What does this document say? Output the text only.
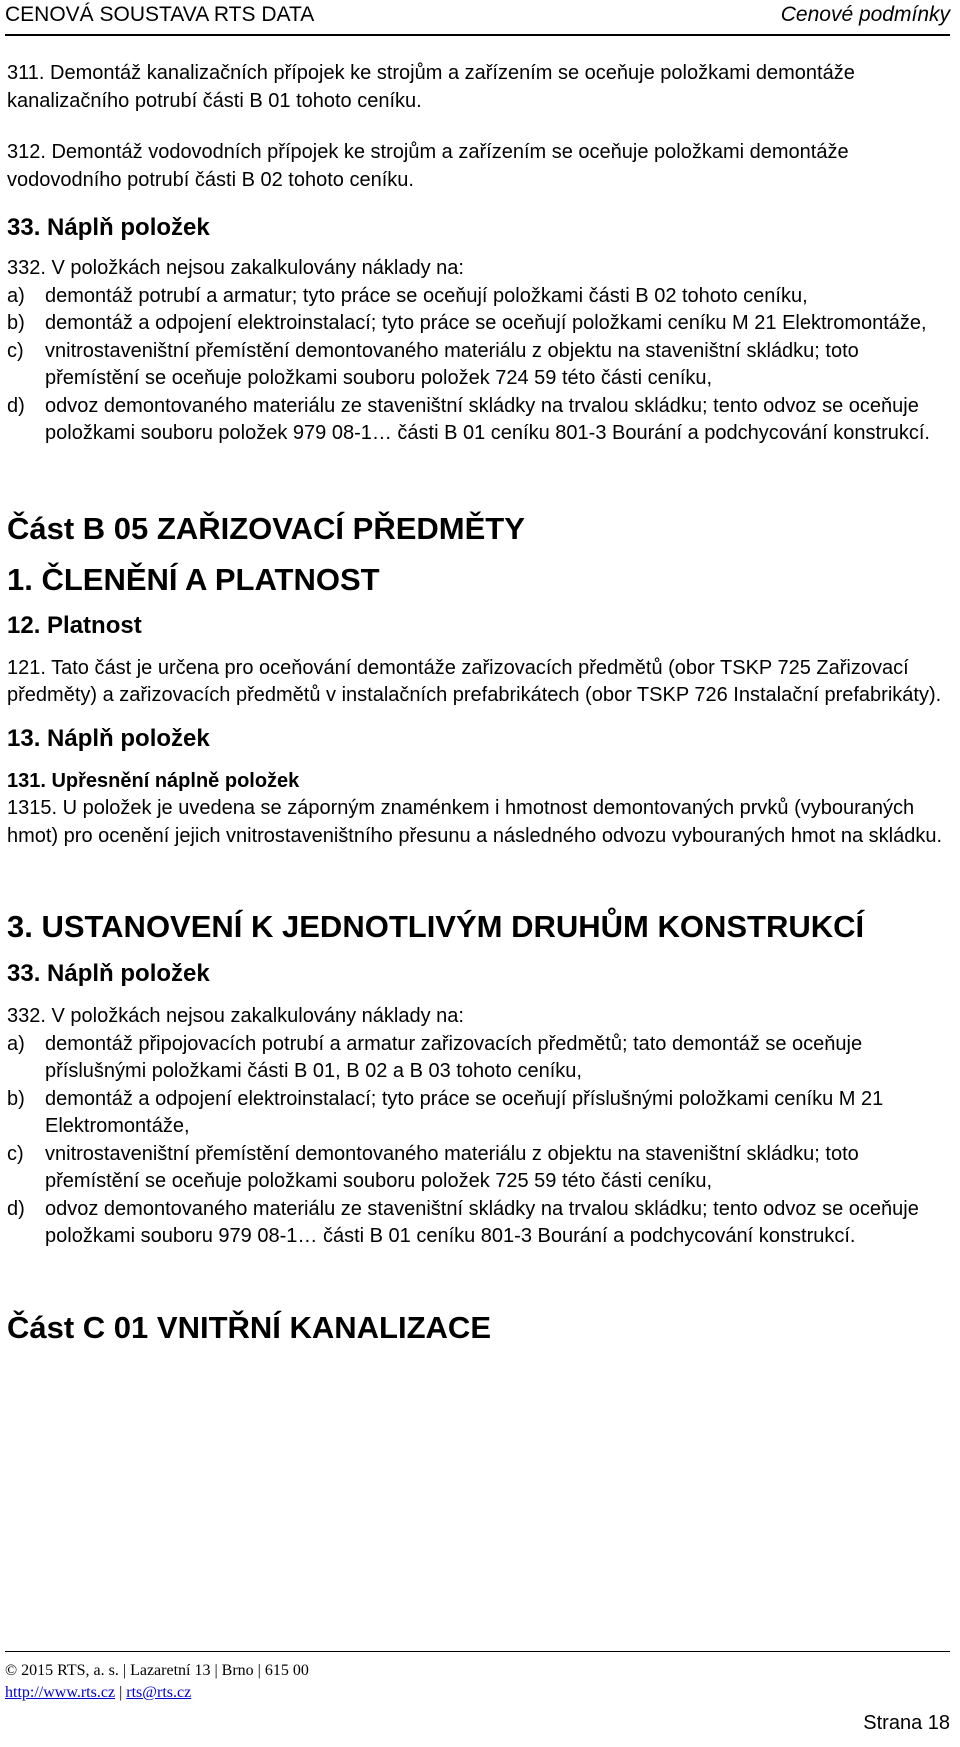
CENOVÁ SOUSTAVA RTS DATA	Cenové podmínky

311. Demontáž kanalizačních přípojek ke strojům a zařízením se oceňuje položkami demontáže kanalizačního potrubí části B 01 tohoto ceníku.

312. Demontáž vodovodních přípojek ke strojům a zařízením se oceňuje položkami demontáže vodovodního potrubí části B 02 tohoto ceníku.

33. Náplň položek

332. V položkách nejsou zakalkulovány náklady na:

a)	demontáž potrubí a armatur; tyto práce se oceňují položkami části B 02 tohoto ceníku,
b)	demontáž a odpojení elektroinstalací; tyto práce se oceňují položkami ceníku M 21 Elektromontáže,
c)	vnitrostaveništní přemístění demontovaného materiálu z objektu na staveništní skládku; toto přemístění se oceňuje položkami souboru položek 724 59 této části ceníku,
d)	odvoz demontovaného materiálu ze staveništní skládky na trvalou skládku; tento odvoz se oceňuje položkami souboru položek 979 08-1… části B 01 ceníku 801-3 Bourání a podchycování konstrukcí.

Část B 05 ZAŘIZOVACÍ PŘEDMĚTY

1. ČLENĚNÍ A PLATNOST

12. Platnost

121. Tato část je určena pro oceňování demontáže zařizovacích předmětů (obor TSKP 725 Zařizovací předměty) a zařizovacích předmětů v instalačních prefabrikátech (obor TSKP 726 Instalační prefabrikáty).

13. Náplň položek

131. Upřesnění náplně položek

1315. U položek je uvedena se záporným znaménkem i hmotnost demontovaných prvků (vybouraných hmot) pro ocenění jejich vnitrostaveništního přesunu a následného odvozu vybouraných hmot na skládku.

3. USTANOVENÍ K JEDNOTLIVÝM DRUHŮM KONSTRUKCÍ

33. Náplň položek

332. V položkách nejsou zakalkulovány náklady na:

a)	demontáž připojovacích potrubí a armatur zařizovacích předmětů; tato demontáž se oceňuje příslušnými položkami části B 01, B 02 a B 03 tohoto ceníku,
b)	demontáž a odpojení elektroinstalací; tyto práce se oceňují příslušnými položkami ceníku M 21 Elektromontáže,
c)	vnitrostaveništní přemístění demontovaného materiálu z objektu na staveništní skládku; toto přemístění se oceňuje položkami souboru položek 725 59 této části ceníku,
d)	odvoz demontovaného materiálu ze staveništní skládky na trvalou skládku; tento odvoz se oceňuje položkami souboru 979 08-1… části B 01 ceníku 801-3 Bourání a podchycování konstrukcí.

Část C 01 VNITŘNÍ KANALIZACE

© 2015 RTS, a. s. | Lazaretní 13 | Brno | 615 00
http://www.rts.cz | rts@rts.cz
Strana 18
